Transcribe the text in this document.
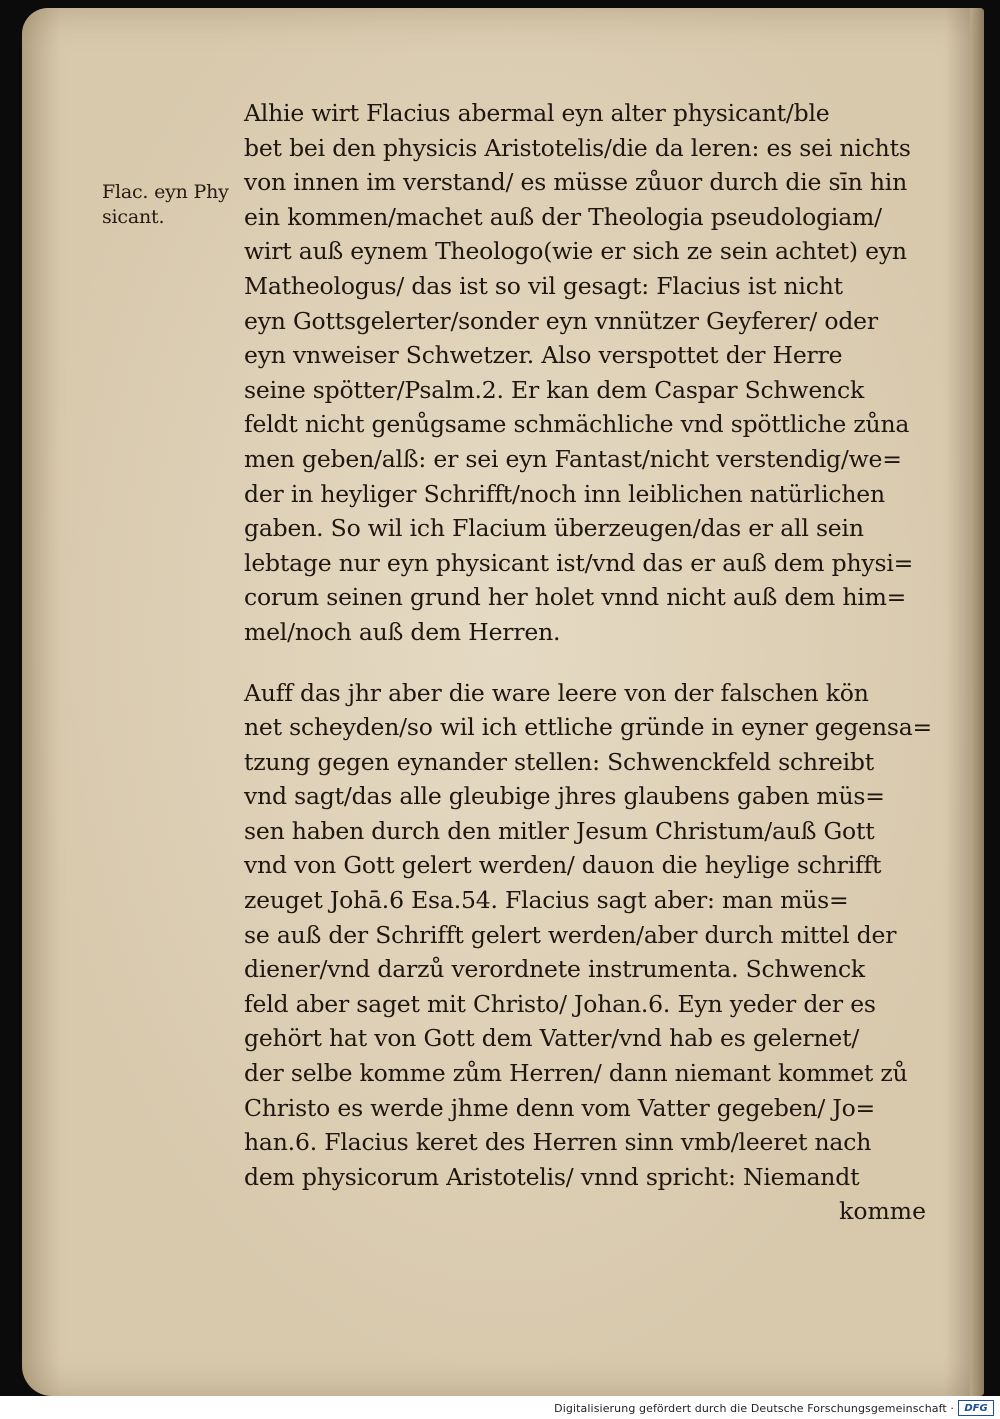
Flac. eyn Phy
sicant.

Alhie wirt Flacius abermal eyn alter physicant/ble
bet bei den physicis Aristotelis/die da leren: es sei nichts
von innen im verstand/ es müsse zůuor durch die sīn hin
ein kommen/machet auß der Theologia pseudologiam/
wirt auß eynem Theologo(wie er sich ze sein achtet) eyn
Matheologus/ das ist so vil gesagt: Flacius ist nicht
eyn Gottsgelerter/sonder eyn vnnützer Geyferer/ oder
eyn vnweiser Schwetzer. Also verspottet der Herre
seine spötter/Psalm.2. Er kan dem Caspar Schwenck
feldt nicht genůgsame schmächliche vnd spöttliche zůna
men geben/alß: er sei eyn Fantast/nicht verstendig/we=
der in heyliger Schrifft/noch inn leiblichen natürlichen
gaben. So wil ich Flacium überzeugen/das er all sein
lebtage nur eyn physicant ist/vnd das er auß dem physi=
corum seinen grund her holet vnnd nicht auß dem him=
mel/noch auß dem Herren.

Auff das jhr aber die ware leere von der falschen kön
net scheyden/so wil ich ettliche gründe in eyner gegensa=
tzung gegen eynander stellen: Schwenckfeld schreibt
vnd sagt/das alle gleubige jhres glaubens gaben müs=
sen haben durch den mitler Jesum Christum/auß Gott
vnd von Gott gelert werden/ dauon die heylige schrifft
zeuget Johā.6 Esa.54. Flacius sagt aber: man müs=
se auß der Schrifft gelert werden/aber durch mittel der
diener/vnd darzů verordnete instrumenta. Schwenck
feld aber saget mit Christo/ Johan.6. Eyn yeder der es
gehört hat von Gott dem Vatter/vnd hab es gelernet/
der selbe komme zům Herren/ dann niemant kommet zů
Christo es werde jhme denn vom Vatter gegeben/ Jo=
han.6. Flacius keret des Herren sinn vmb/leeret nach
dem physicorum Aristotelis/ vnnd spricht: Niemandt
komme

Digitalisierung gefördert durch die Deutsche Forschungsgemeinschaft ·	DFG
